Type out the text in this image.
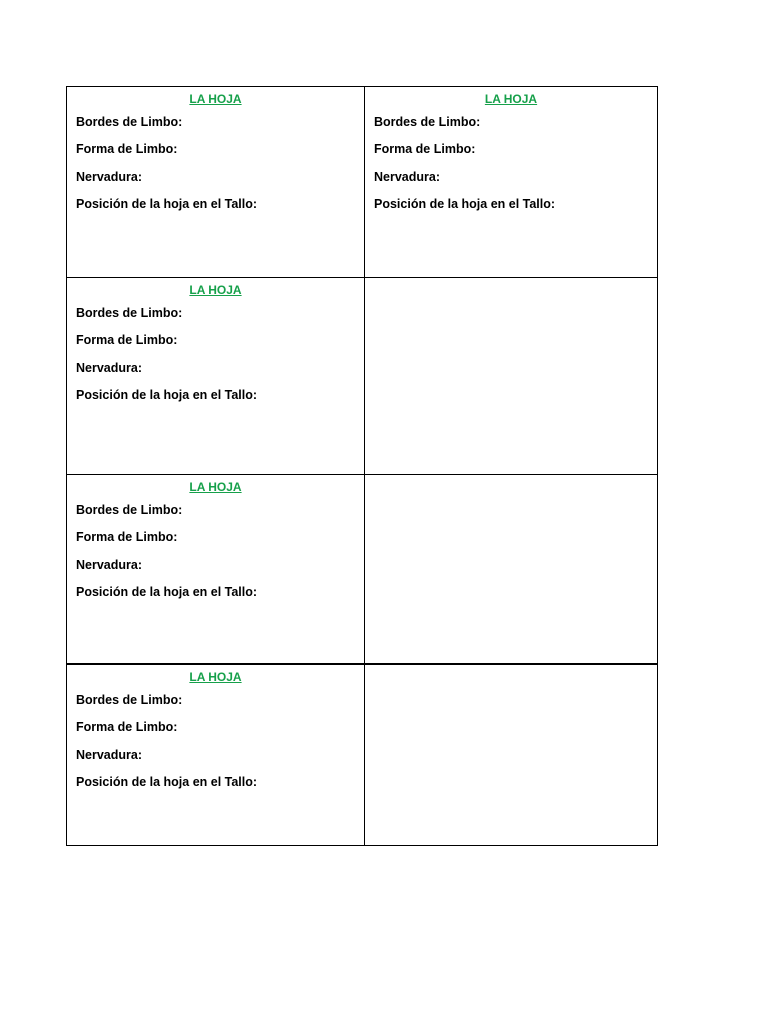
LA HOJA
Bordes de Limbo:
Forma de Limbo:
Nervadura:
Posición de la hoja en el Tallo:	LA HOJA
Bordes de Limbo:
Forma de Limbo:
Nervadura:
Posición de la hoja en el Tallo:

LA HOJA
Bordes de Limbo:
Forma de Limbo:
Nervadura:
Posición de la hoja en el Tallo:	

LA HOJA
Bordes de Limbo:
Forma de Limbo:
Nervadura:
Posición de la hoja en el Tallo:	

LA HOJA
Bordes de Limbo:
Forma de Limbo:
Nervadura:
Posición de la hoja en el Tallo:	
